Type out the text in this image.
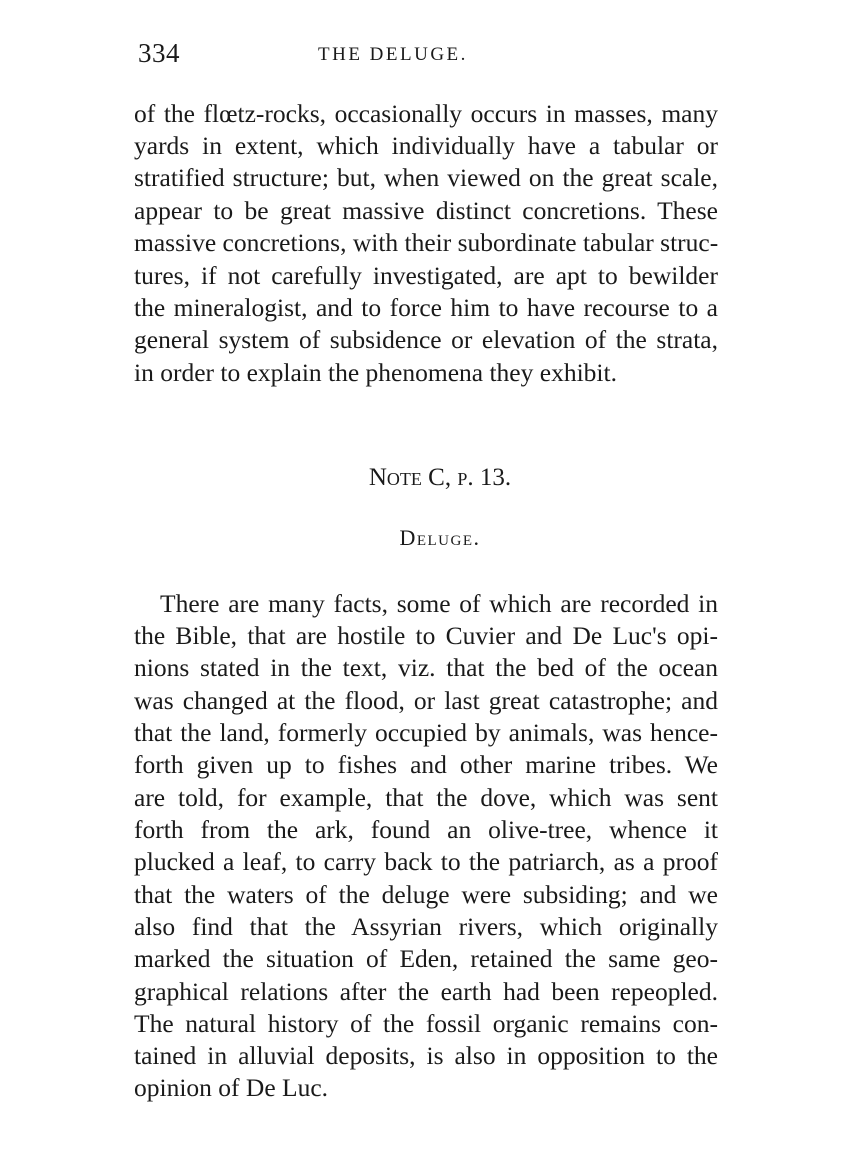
334	THE DELUGE.
of the flœtz-rocks, occasionally occurs in masses, many
yards in extent, which individually have a tabular or
stratified structure; but, when viewed on the great scale,
appear to be great massive distinct concretions. These
massive concretions, with their subordinate tabular struc-
tures, if not carefully investigated, are apt to bewilder
the mineralogist, and to force him to have recourse to a
general system of subsidence or elevation of the strata,
in order to explain the phenomena they exhibit.
Note C, p. 13.
Deluge.
There are many facts, some of which are recorded in
the Bible, that are hostile to Cuvier and De Luc's opi-
nions stated in the text, viz. that the bed of the ocean
was changed at the flood, or last great catastrophe; and
that the land, formerly occupied by animals, was hence-
forth given up to fishes and other marine tribes. We
are told, for example, that the dove, which was sent
forth from the ark, found an olive-tree, whence it
plucked a leaf, to carry back to the patriarch, as a proof
that the waters of the deluge were subsiding; and we
also find that the Assyrian rivers, which originally
marked the situation of Eden, retained the same geo-
graphical relations after the earth had been repeopled.
The natural history of the fossil organic remains con-
tained in alluvial deposits, is also in opposition to the
opinion of De Luc.
